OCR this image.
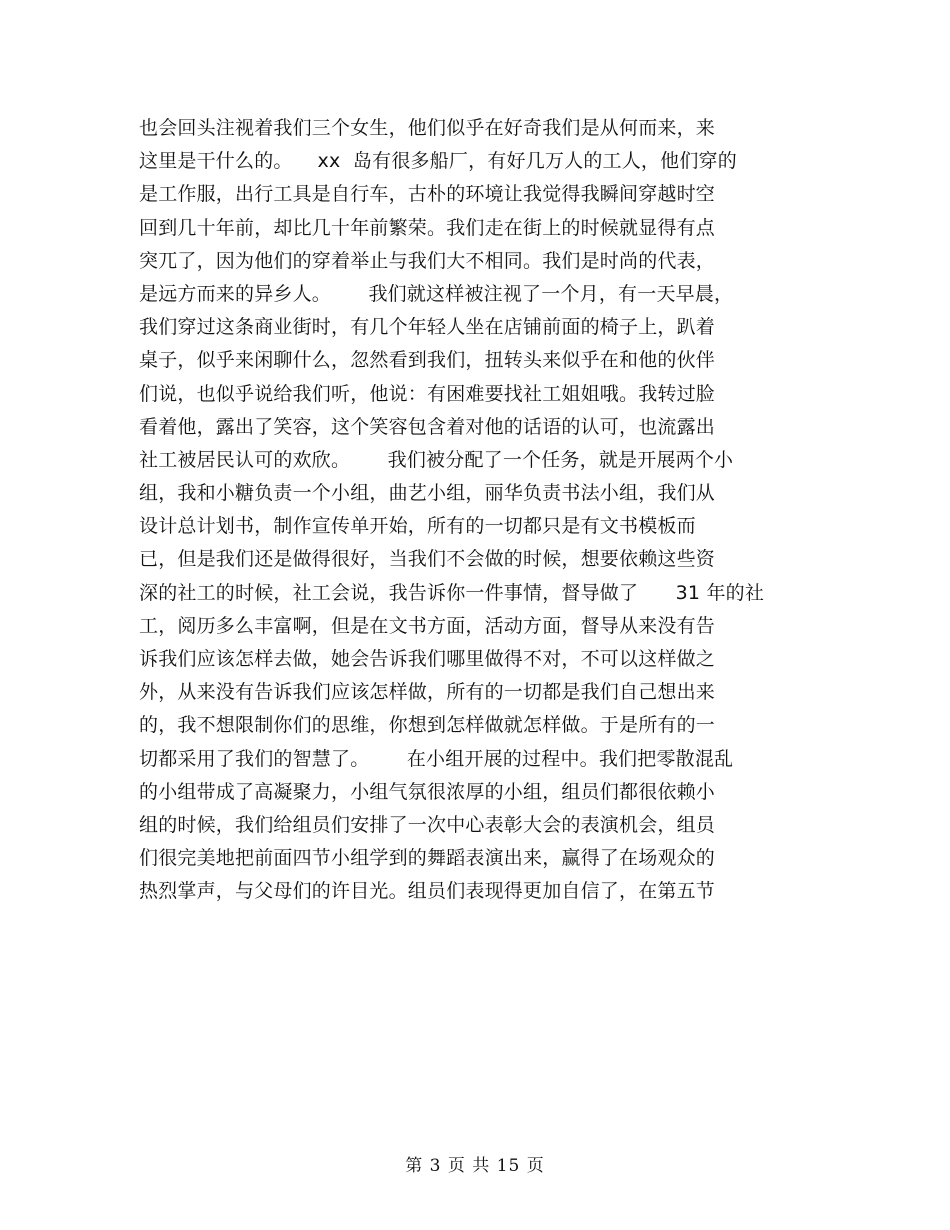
也会回头注视着我们三个女生，他们似乎在好奇我们是从何而来，来
这里是干什么的。    xx  岛有很多船厂，有好几万人的工人，他们穿的
是工作服，出行工具是自行车，古朴的环境让我觉得我瞬间穿越时空
回到几十年前，却比几十年前繁荣。我们走在街上的时候就显得有点
突兀了，因为他们的穿着举止与我们大不相同。我们是时尚的代表，
是远方而来的异乡人。      我们就这样被注视了一个月，有一天早晨，
我们穿过这条商业街时，有几个年轻人坐在店铺前面的椅子上，趴着
桌子，似乎来闲聊什么，忽然看到我们，扭转头来似乎在和他的伙伴
们说，也似乎说给我们听，他说：有困难要找社工姐姐哦。我转过脸
看着他，露出了笑容，这个笑容包含着对他的话语的认可，也流露出
社工被居民认可的欢欣。      我们被分配了一个任务，就是开展两个小
组，我和小糖负责一个小组，曲艺小组，丽华负责书法小组，我们从
设计总计划书，制作宣传单开始，所有的一切都只是有文书模板而
已，但是我们还是做得很好，当我们不会做的时候，想要依赖这些资
深的社工的时候，社工会说，我告诉你一件事情，督导做了      31 年的社
工，阅历多么丰富啊，但是在文书方面，活动方面，督导从来没有告
诉我们应该怎样去做，她会告诉我们哪里做得不对，不可以这样做之
外，从来没有告诉我们应该怎样做，所有的一切都是我们自己想出来
的，我不想限制你们的思维，你想到怎样做就怎样做。于是所有的一
切都采用了我们的智慧了。      在小组开展的过程中。我们把零散混乱
的小组带成了高凝聚力，小组气氛很浓厚的小组，组员们都很依赖小
组的时候，我们给组员们安排了一次中心表彰大会的表演机会，组员
们很完美地把前面四节小组学到的舞蹈表演出来，赢得了在场观众的
热烈掌声，与父母们的许目光。组员们表现得更加自信了，在第五节
第 3 页 共 15 页
